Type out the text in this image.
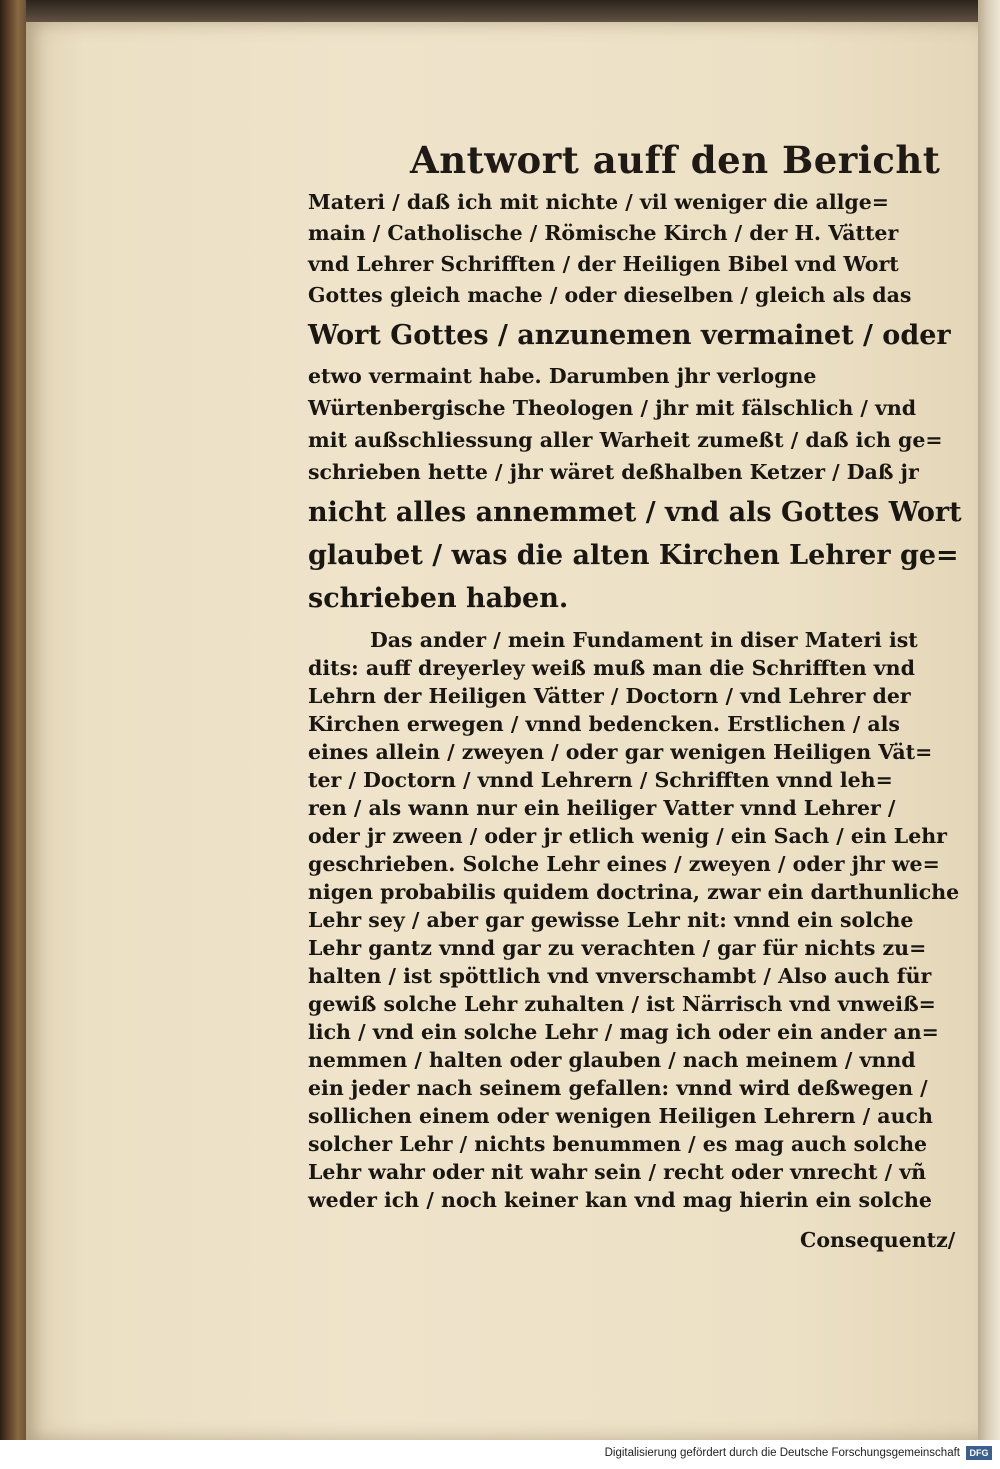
Antwort auff den Bericht
Materi / daß ich mit nichte / vil weniger die allge=
main / Catholische / Römische Kirch / der H. Vätter
vnd Lehrer Schrifften / der Heiligen Bibel vnd Wort
Gottes gleich mache / oder dieselben / gleich als das
Wort Gottes / anzunemen vermainet / oder
etwo vermaint habe. Darumben jhr verlogne
Würtenbergische Theologen / jhr mit fälschlich / vnd
mit außschliessung aller Warheit zumeßt / daß ich ge=
schrieben hette / jhr wäret deßhalben Ketzer / Daß jr
nicht alles annemmet / vnd als Gottes Wort
glaubet / was die alten Kirchen Lehrer ge=
schrieben haben.
Das ander / mein Fundament in diser Materi ist
dits: auff dreyerley weiß muß man die Schrifften vnd
Lehrn der Heiligen Vätter / Doctorn / vnd Lehrer der
Kirchen erwegen / vnnd bedencken. Erstlichen / als
eines allein / zweyen / oder gar wenigen Heiligen Vät=
ter / Doctorn / vnnd Lehrern / Schrifften vnnd leh=
ren / als wann nur ein heiliger Vatter vnnd Lehrer /
oder jr zween / oder jr etlich wenig / ein Sach / ein Lehr
geschrieben. Solche Lehr eines / zweyen / oder jhr we=
nigen probabilis quidem doctrina, zwar ein darthunliche
Lehr sey / aber gar gewisse Lehr nit: vnnd ein solche
Lehr gantz vnnd gar zu verachten / gar für nichts zu=
halten / ist spöttlich vnd vnverschambt / Also auch für
gewiß solche Lehr zuhalten / ist Närrisch vnd vnweiß=
lich / vnd ein solche Lehr / mag ich oder ein ander an=
nemmen / halten oder glauben / nach meinem / vnnd
ein jeder nach seinem gefallen: vnnd wird deßwegen /
sollichen einem oder wenigen Heiligen Lehrern / auch
solcher Lehr / nichts benummen / es mag auch solche
Lehr wahr oder nit wahr sein / recht oder vnrecht / vñ
weder ich / noch keiner kan vnd mag hierin ein solche
Consequentz/
Digitalisierung gefördert durch die Deutsche Forschungsgemeinschaft	DFG
